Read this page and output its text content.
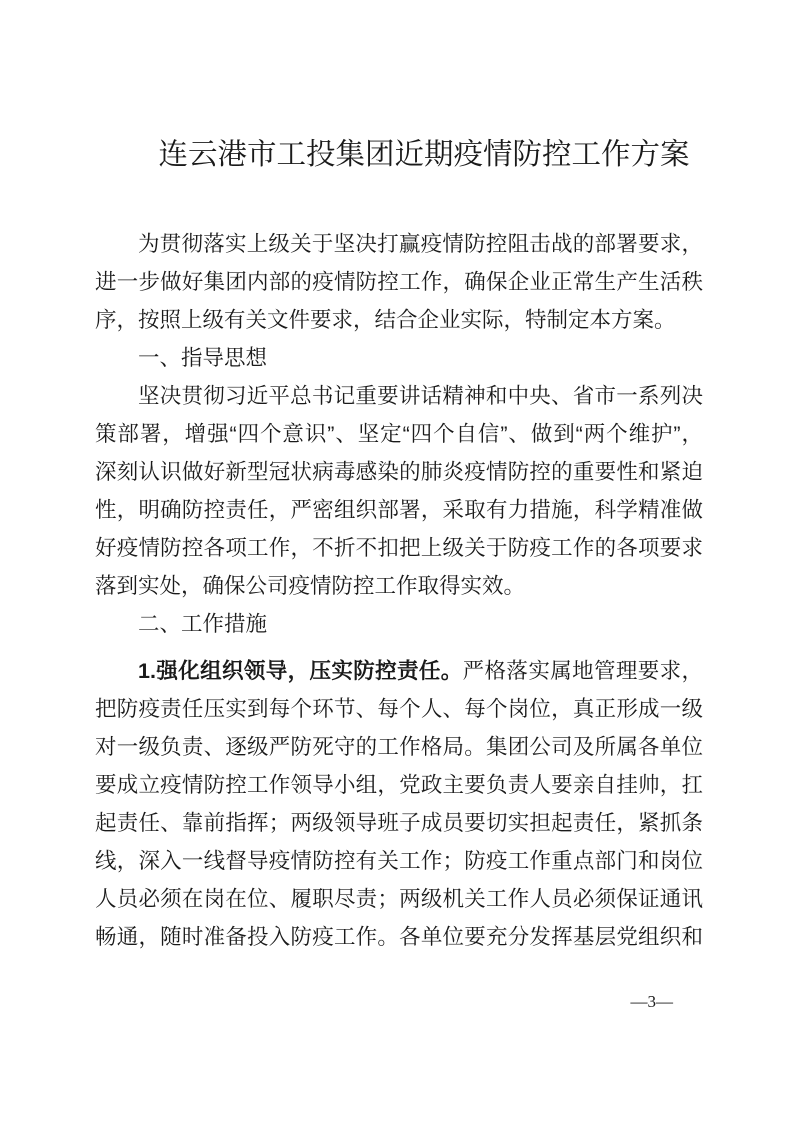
连云港市工投集团近期疫情防控工作方案
为贯彻落实上级关于坚决打赢疫情防控阻击战的部署要求，
进一步做好集团内部的疫情防控工作，确保企业正常生产生活秩
序，按照上级有关文件要求，结合企业实际，特制定本方案。
一、指导思想
坚决贯彻习近平总书记重要讲话精神和中央、省市一系列决
策部署，增强“四个意识”、坚定“四个自信”、做到“两个维护”，
深刻认识做好新型冠状病毒感染的肺炎疫情防控的重要性和紧迫
性，明确防控责任，严密组织部署，采取有力措施，科学精准做
好疫情防控各项工作，不折不扣把上级关于防疫工作的各项要求
落到实处，确保公司疫情防控工作取得实效。
二、工作措施
1.强化组织领导，压实防控责任。严格落实属地管理要求，
把防疫责任压实到每个环节、每个人、每个岗位，真正形成一级
对一级负责、逐级严防死守的工作格局。集团公司及所属各单位
要成立疫情防控工作领导小组，党政主要负责人要亲自挂帅，扛
起责任、靠前指挥；两级领导班子成员要切实担起责任，紧抓条
线，深入一线督导疫情防控有关工作；防疫工作重点部门和岗位
人员必须在岗在位、履职尽责；两级机关工作人员必须保证通讯
畅通，随时准备投入防疫工作。各单位要充分发挥基层党组织和
—3—
